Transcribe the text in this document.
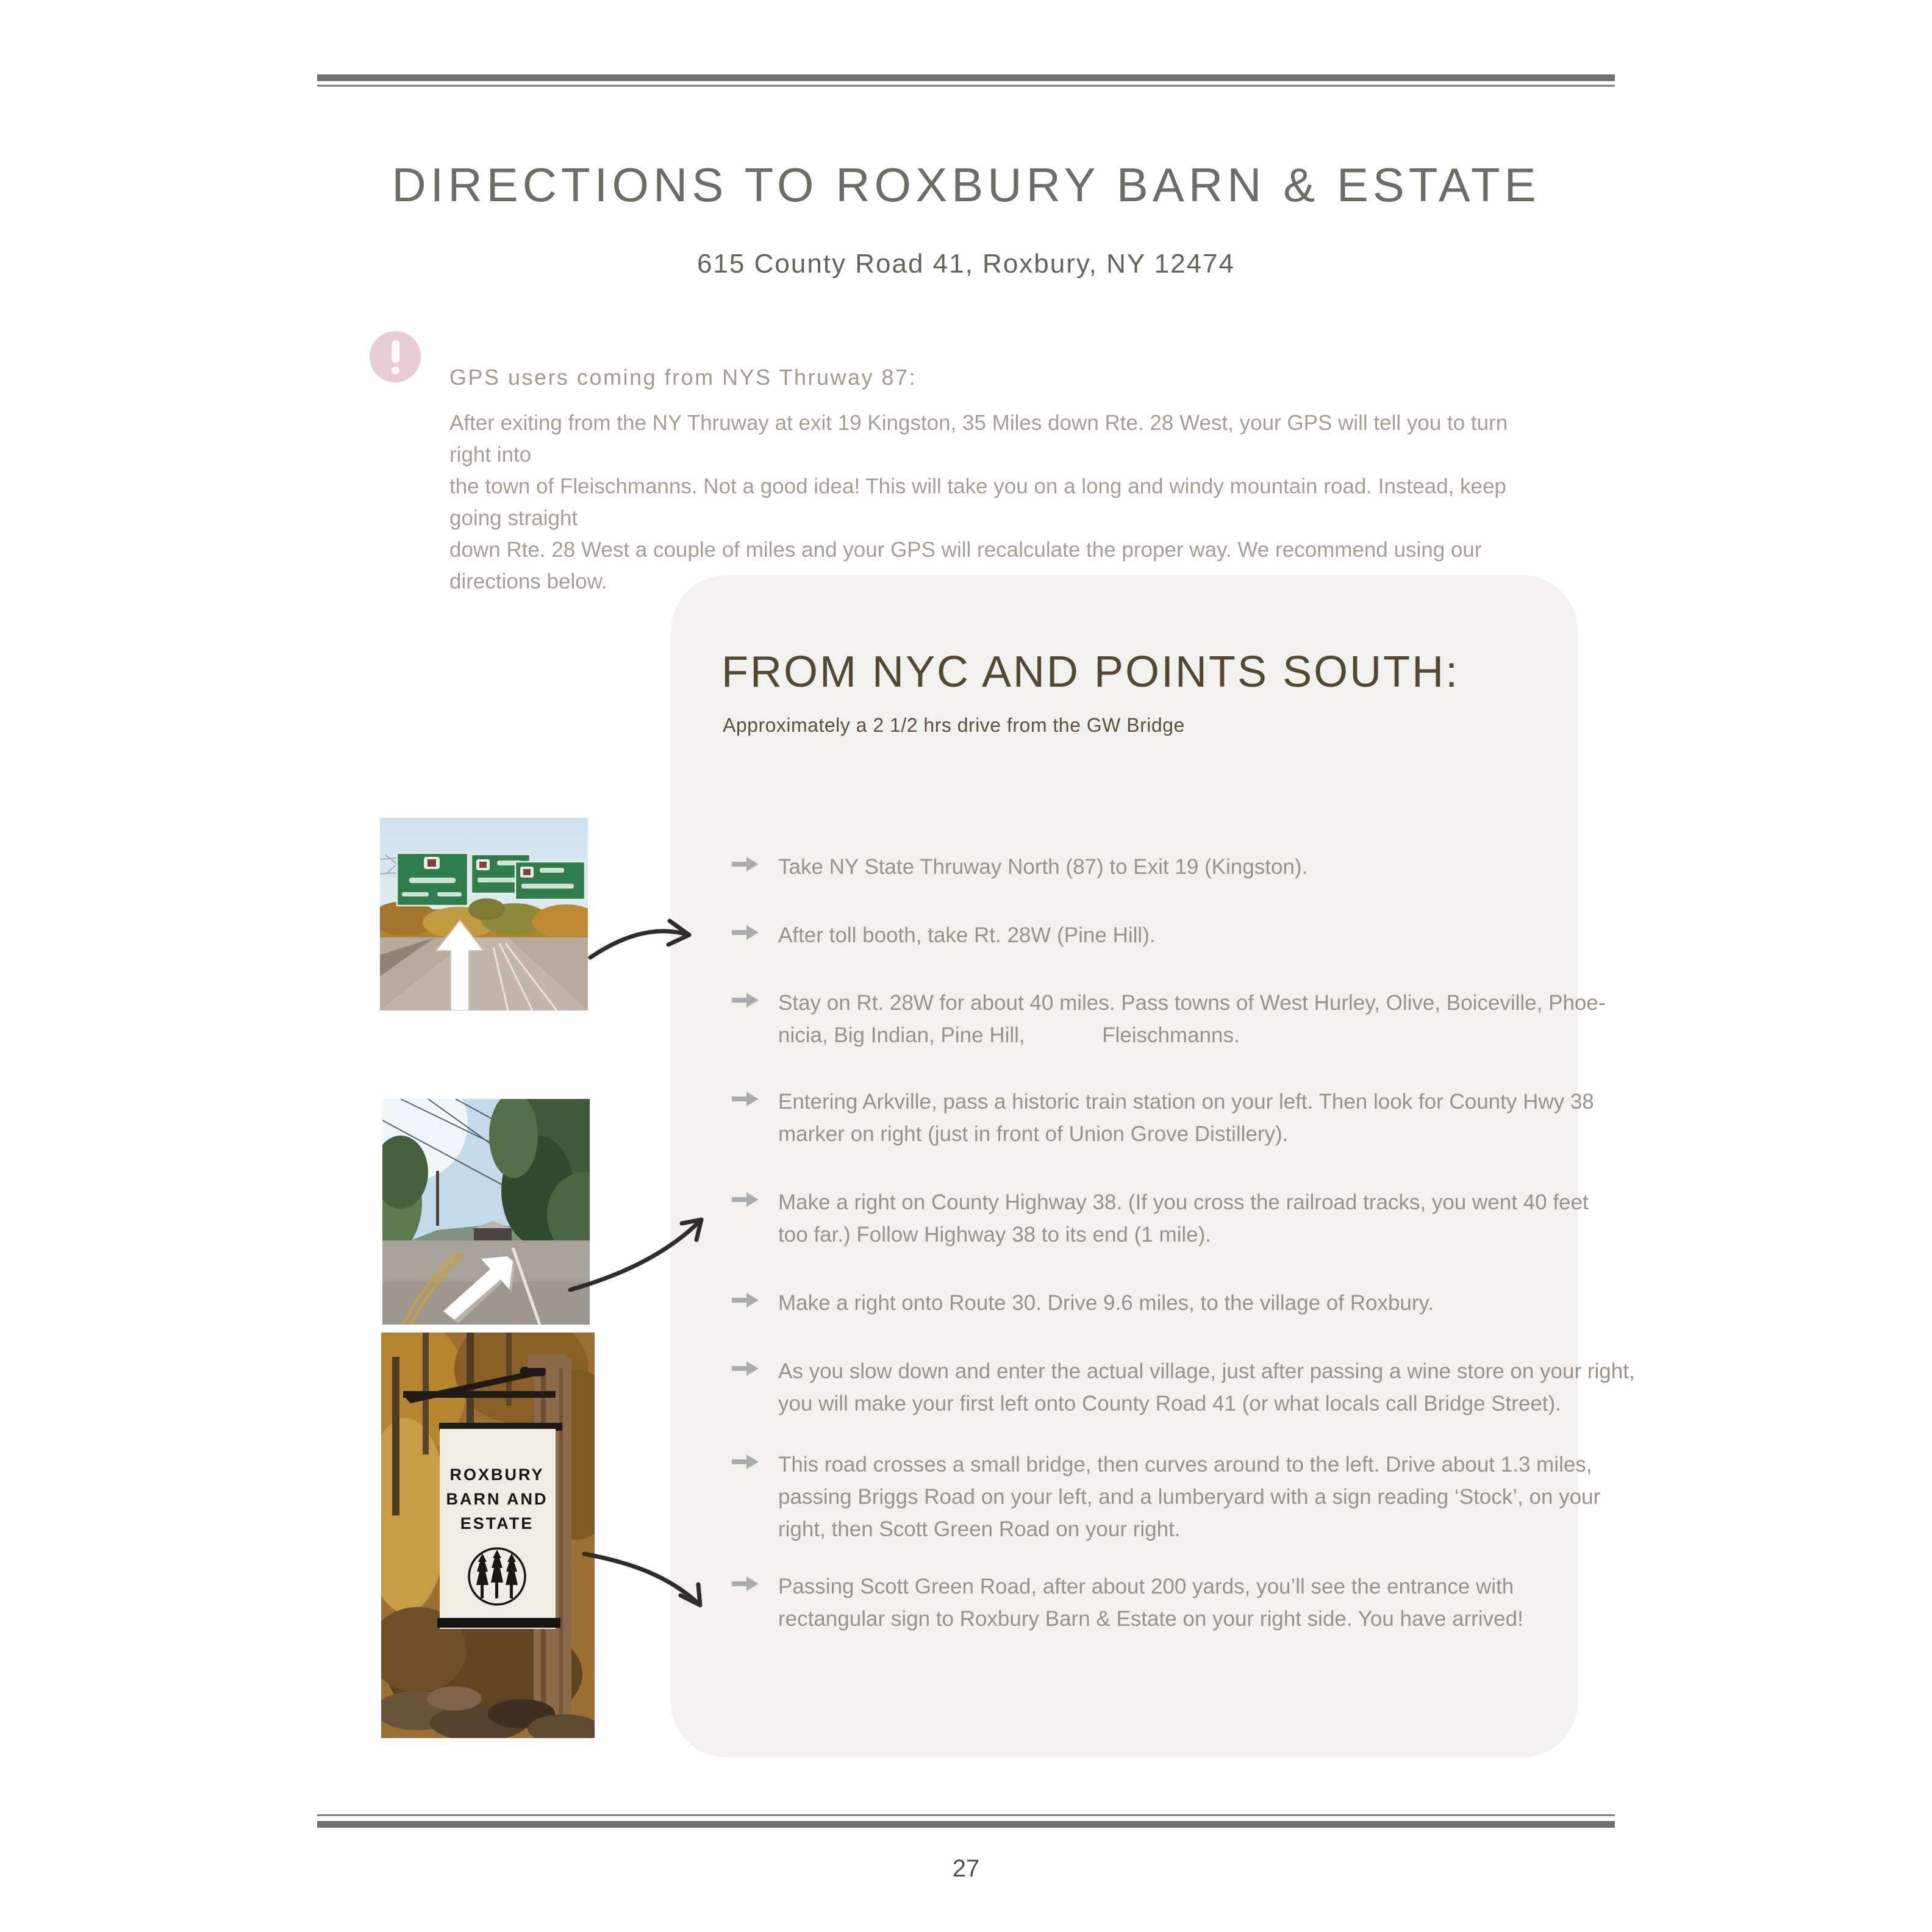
DIRECTIONS TO ROXBURY BARN & ESTATE
615 County Road 41, Roxbury, NY 12474
GPS users coming from NYS Thruway 87:
After exiting from the NY Thruway at exit 19 Kingston, 35 Miles down Rte. 28 West, your GPS will tell you to turn right into
the town of Fleischmanns. Not a good idea! This will take you on a long and windy mountain road. Instead, keep going straight
down Rte. 28 West a couple of miles and your GPS will recalculate the proper way. We recommend using our directions below.
FROM NYC AND POINTS SOUTH:
Approximately a 2 1/2 hrs drive from the GW Bridge
Take NY State Thruway North (87) to Exit 19 (Kingston).
After toll booth, take Rt. 28W (Pine Hill).
Stay on Rt. 28W for about 40 miles. Pass towns of West Hurley, Olive, Boiceville, Phoe-
nicia, Big Indian, Pine Hill,             Fleischmanns.
Entering Arkville, pass a historic train station on your left. Then look for County Hwy 38
marker on right (just in front of Union Grove Distillery).
Make a right on County Highway 38. (If you cross the railroad tracks, you went 40 feet
too far.) Follow Highway 38 to its end (1 mile).
Make a right onto Route 30. Drive 9.6 miles, to the village of Roxbury.
As you slow down and enter the actual village, just after passing a wine store on your right,
you will make your first left onto County Road 41 (or what locals call Bridge Street).
This road crosses a small bridge, then curves around to the left. Drive about 1.3 miles,
passing Briggs Road on your left, and a lumberyard with a sign reading ‘Stock’, on your
right, then Scott Green Road on your right.
Passing Scott Green Road, after about 200 yards, you’ll see the entrance with
rectangular sign to Roxbury Barn & Estate on your right side. You have arrived!
ROXBURY
BARN AND
ESTATE
27
